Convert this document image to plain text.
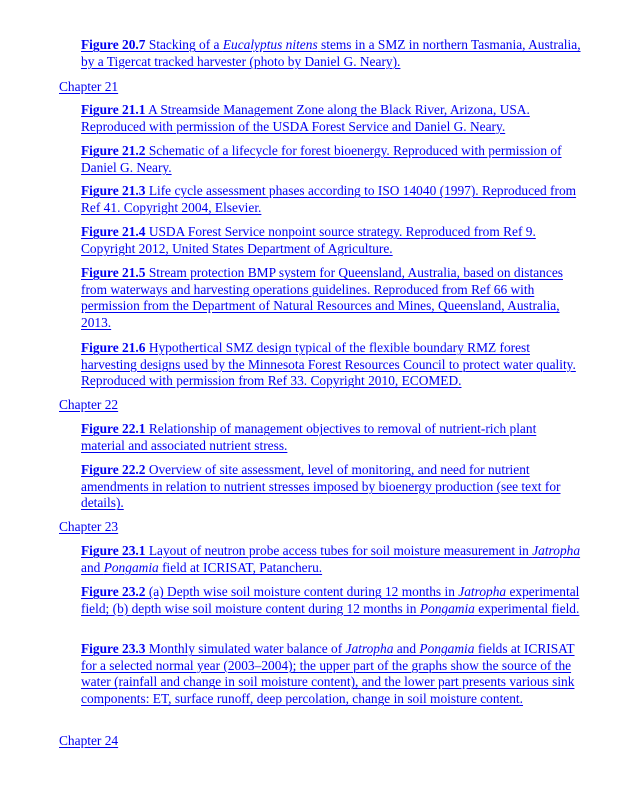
Figure 20.7 Stacking of a Eucalyptus nitens stems in a SMZ in northern Tasmania, Australia, by a Tigercat tracked harvester (photo by Daniel G. Neary).
Chapter 21
Figure 21.1 A Streamside Management Zone along the Black River, Arizona, USA. Reproduced with permission of the USDA Forest Service and Daniel G. Neary.
Figure 21.2 Schematic of a lifecycle for forest bioenergy. Reproduced with permission of Daniel G. Neary.
Figure 21.3 Life cycle assessment phases according to ISO 14040 (1997). Reproduced from Ref 41. Copyright 2004, Elsevier.
Figure 21.4 USDA Forest Service nonpoint source strategy. Reproduced from Ref 9. Copyright 2012, United States Department of Agriculture.
Figure 21.5 Stream protection BMP system for Queensland, Australia, based on distances from waterways and harvesting operations guidelines. Reproduced from Ref 66 with permission from the Department of Natural Resources and Mines, Queensland, Australia, 2013.
Figure 21.6 Hypothertical SMZ design typical of the flexible boundary RMZ forest harvesting designs used by the Minnesota Forest Resources Council to protect water quality. Reproduced with permission from Ref 33. Copyright 2010, ECOMED.
Chapter 22
Figure 22.1 Relationship of management objectives to removal of nutrient-rich plant material and associated nutrient stress.
Figure 22.2 Overview of site assessment, level of monitoring, and need for nutrient amendments in relation to nutrient stresses imposed by bioenergy production (see text for details).
Chapter 23
Figure 23.1 Layout of neutron probe access tubes for soil moisture measurement in Jatropha and Pongamia field at ICRISAT, Patancheru.
Figure 23.2 (a) Depth wise soil moisture content during 12 months in Jatropha experimental field; (b) depth wise soil moisture content during 12 months in Pongamia experimental field.
Figure 23.3 Monthly simulated water balance of Jatropha and Pongamia fields at ICRISAT for a selected normal year (2003–2004); the upper part of the graphs show the source of the water (rainfall and change in soil moisture content), and the lower part presents various sink components: ET, surface runoff, deep percolation, change in soil moisture content.
Chapter 24
